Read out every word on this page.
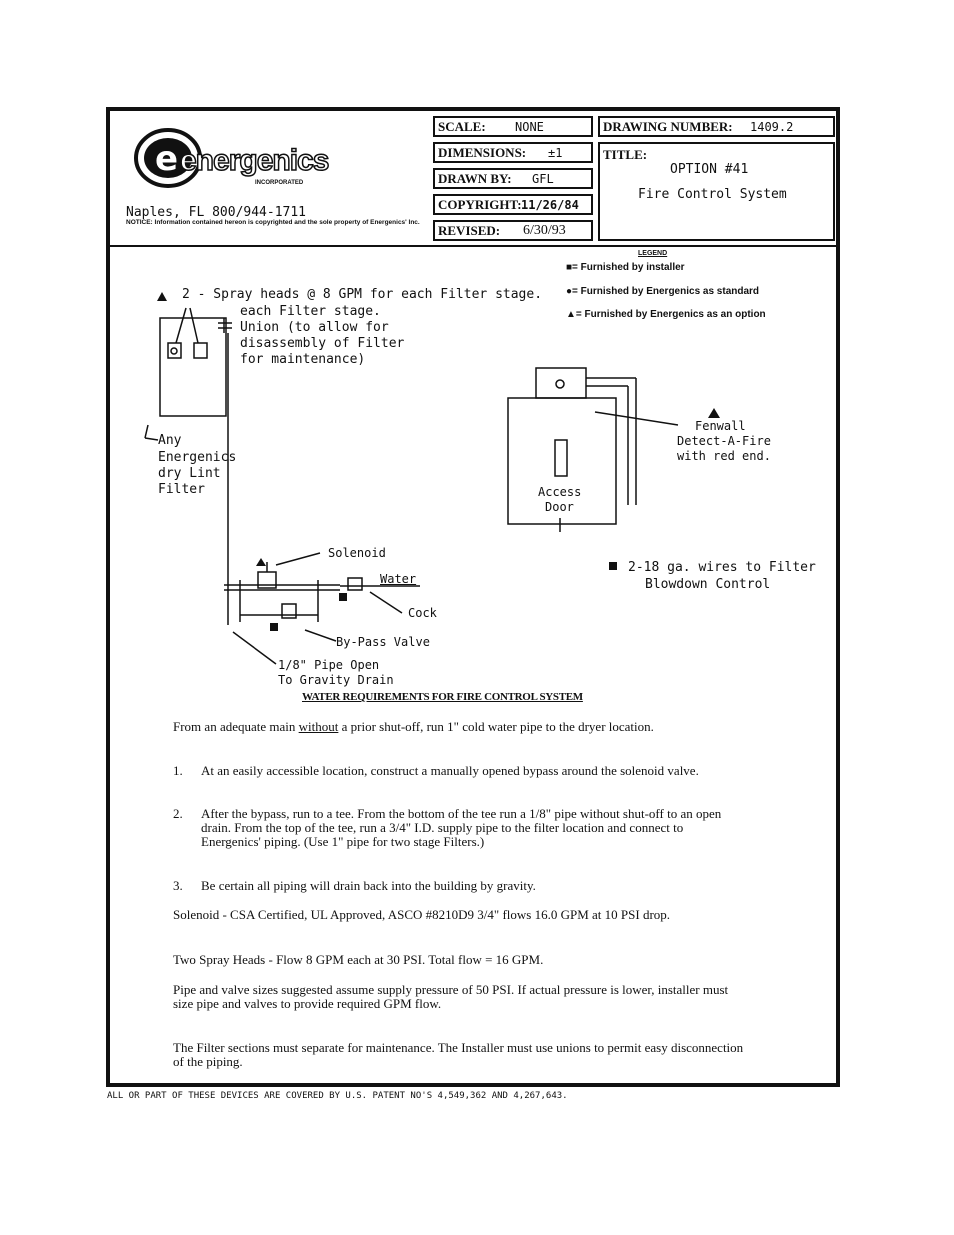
e energenics
INCORPORATED
Naples, FL 800/944-1711
NOTICE: Information contained hereon is copyrighted and the sole property of Energenics' Inc.
SCALE: NONE
DIMENSIONS: ±1
DRAWN BY: GFL
COPYRIGHT: 11/26/84
REVISED: 6/30/93
DRAWING NUMBER: 1409.2
TITLE:
OPTION #41
Fire Control System
LEGEND
■= Furnished by installer
●= Furnished by Energenics as standard
▲= Furnished by Energenics as an option
2 - Spray heads @ 8 GPM for each Filter stage.
Union (to allow for
disassembly of Filter
for maintenance)
each Filter stage.
Any
Energenics
dry Lint
Filter
Fenwall
Detect-A-Fire
with red end.
Access
Door
2-18 ga. wires to Filter
Blowdown Control
Solenoid
Water
Cock
By-Pass Valve
1/8" Pipe Open
To Gravity Drain
WATER REQUIREMENTS FOR FIRE CONTROL SYSTEM
From an adequate main without a prior shut-off, run 1" cold water pipe to the dryer location.
1. At an easily accessible location, construct a manually opened bypass around the solenoid valve.
2. After the bypass, run to a tee. From the bottom of the tee run a 1/8" pipe without shut-off to an open drain. From the top of the tee, run a 3/4" I.D. supply pipe to the filter location and connect to Energenics' piping. (Use 1" pipe for two stage Filters.)
3. Be certain all piping will drain back into the building by gravity.
Solenoid - CSA Certified, UL Approved, ASCO #8210D9 3/4" flows 16.0 GPM at 10 PSI drop.
Two Spray Heads - Flow 8 GPM each at 30 PSI. Total flow = 16 GPM.
Pipe and valve sizes suggested assume supply pressure of 50 PSI. If actual pressure is lower, installer must size pipe and valves to provide required GPM flow.
The Filter sections must separate for maintenance. The Installer must use unions to permit easy disconnection of the piping.
ALL OR PART OF THESE DEVICES ARE COVERED BY U.S. PATENT NO'S 4,549,362 AND 4,267,643.
